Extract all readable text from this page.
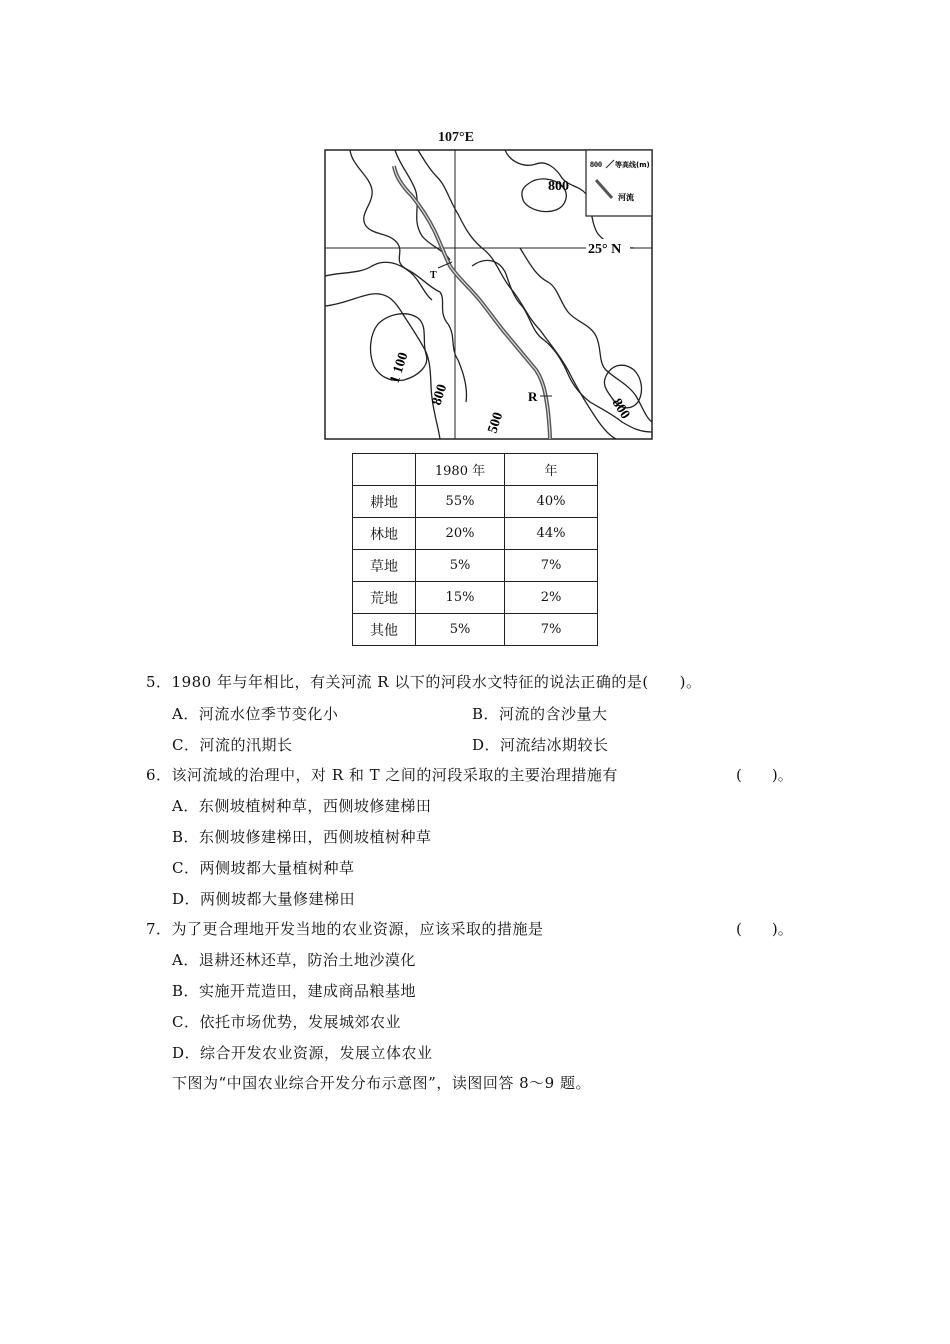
107°E
T
R
800
1 100
800
500
800
25° N
800 等高线(m)
河流
	1980 年	年
耕地	55%	40%
林地	20%	44%
草地	5%	7%
荒地	15%	2%
其他	5%	7%
5．1980 年与年相比，有关河流 R 以下的河段水文特征的说法正确的是(　　)。
A．河流水位季节变化小	B．河流的含沙量大
C．河流的汛期长	D．河流结冰期较长
6．该河流域的治理中，对 R 和 T 之间的河段采取的主要治理措施有	(　　)。
A．东侧坡植树种草，西侧坡修建梯田
B．东侧坡修建梯田，西侧坡植树种草
C．两侧坡都大量植树种草
D．两侧坡都大量修建梯田
7．为了更合理地开发当地的农业资源，应该采取的措施是	(　　)。
A．退耕还林还草，防治土地沙漠化
B．实施开荒造田，建成商品粮基地
C．依托市场优势，发展城郊农业
D．综合开发农业资源，发展立体农业
下图为“中国农业综合开发分布示意图”，读图回答 8～9 题。
